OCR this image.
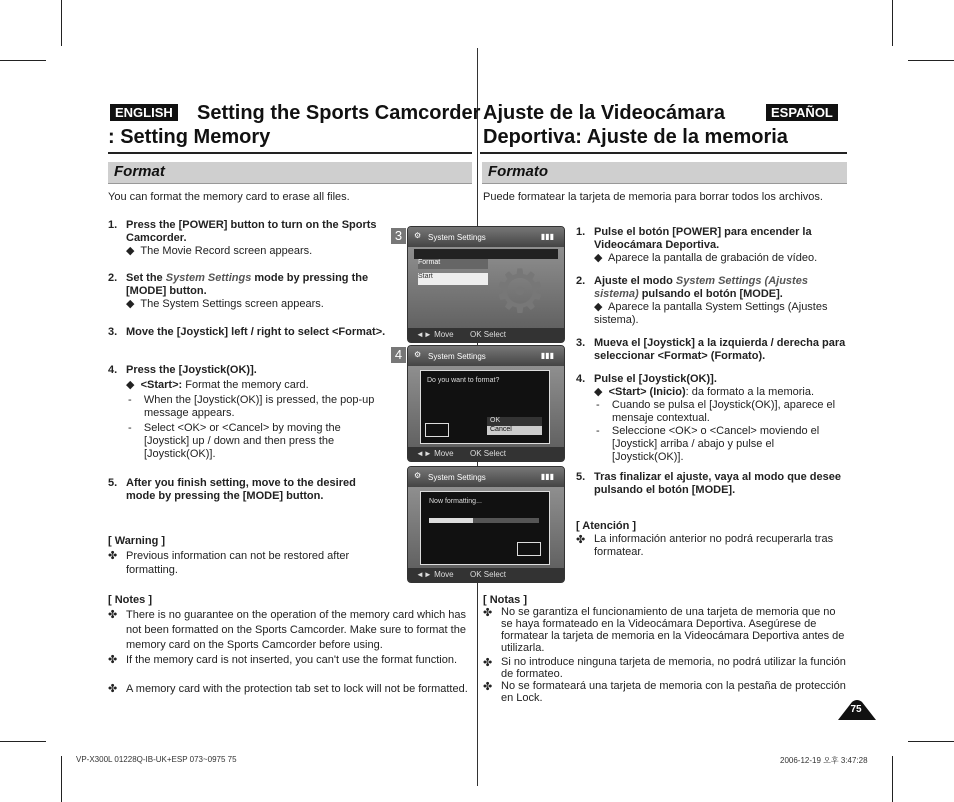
ENGLISH Setting the Sports Camcorder
: Setting Memory
Ajuste de la Videocámara
Deportiva: Ajuste de la memoria
ESPAÑOL
Format	Formato
You can format the memory card to erase all files.	Puede formatear la tarjeta de memoria para borrar todos los archivos.
1. Press the [POWER] button to turn on the Sports Camcorder.
◆ The Movie Record screen appears.
2. Set the System Settings mode by pressing the [MODE] button.
◆ The System Settings screen appears.
3. Move the [Joystick] left / right to select <Format>.
4. Press the [Joystick(OK)].
◆ <Start>: Format the memory card.
-    When the [Joystick(OK)] is pressed, the pop-up message appears.
-    Select <OK> or <Cancel> by moving the [Joystick] up / down and then press the [Joystick(OK)].
5. After you finish setting, move to the desired mode by pressing the [MODE] button.
[ Warning ]
✤ Previous information can not be restored after formatting.
[ Notes ]
✤ There is no guarantee on the operation of the memory card which has not been formatted on the Sports Camcorder. Make sure to format the memory card on the Sports Camcorder before using.
✤ If the memory card is not inserted, you can't use the format function.
✤ A memory card with the protection tab set to lock will not be formatted.
3	⚙ System Settings	▮▮▮
Format
Start	⚙
◄► Move OK Select
4	⚙ System Settings	▮▮▮
Do you want to format?
OK
Cancel
◄► Move OK Select
⚙ System Settings	▮▮▮
Now formatting...
◄► Move OK Select
1. Pulse el botón [POWER] para encender la Videocámara Deportiva.
◆ Aparece la pantalla de grabación de vídeo.
2. Ajuste el modo System Settings (Ajustes sistema) pulsando el botón [MODE].
◆ Aparece la pantalla System Settings (Ajustes sistema).
3. Mueva el [Joystick] a la izquierda / derecha para seleccionar <Format> (Formato).
4. Pulse el [Joystick(OK)].
◆ <Start> (Inicio): da formato a la memoria.
-    Cuando se pulsa el [Joystick(OK)], aparece el mensaje contextual.
-    Seleccione <OK> o <Cancel> moviendo el [Joystick] arriba / abajo y pulse el [Joystick(OK)].
5. Tras finalizar el ajuste, vaya al modo que desee pulsando el botón [MODE].
[ Atención ]
✤ La información anterior no podrá recuperarla tras formatear.
[ Notas ]
✤ No se garantiza el funcionamiento de una tarjeta de memoria que no se haya formateado en la Videocámara Deportiva. Asegúrese de formatear la tarjeta de memoria en la Videocámara Deportiva antes de utilizarla.
✤ Si no introduce ninguna tarjeta de memoria, no podrá utilizar la función de formateo.
✤ No se formateará una tarjeta de memoria con la pestaña de protección en Lock.
75
VP-X300L 01228Q-IB-UK+ESP 073~0975 75	2006-12-19 오후 3:47:28
